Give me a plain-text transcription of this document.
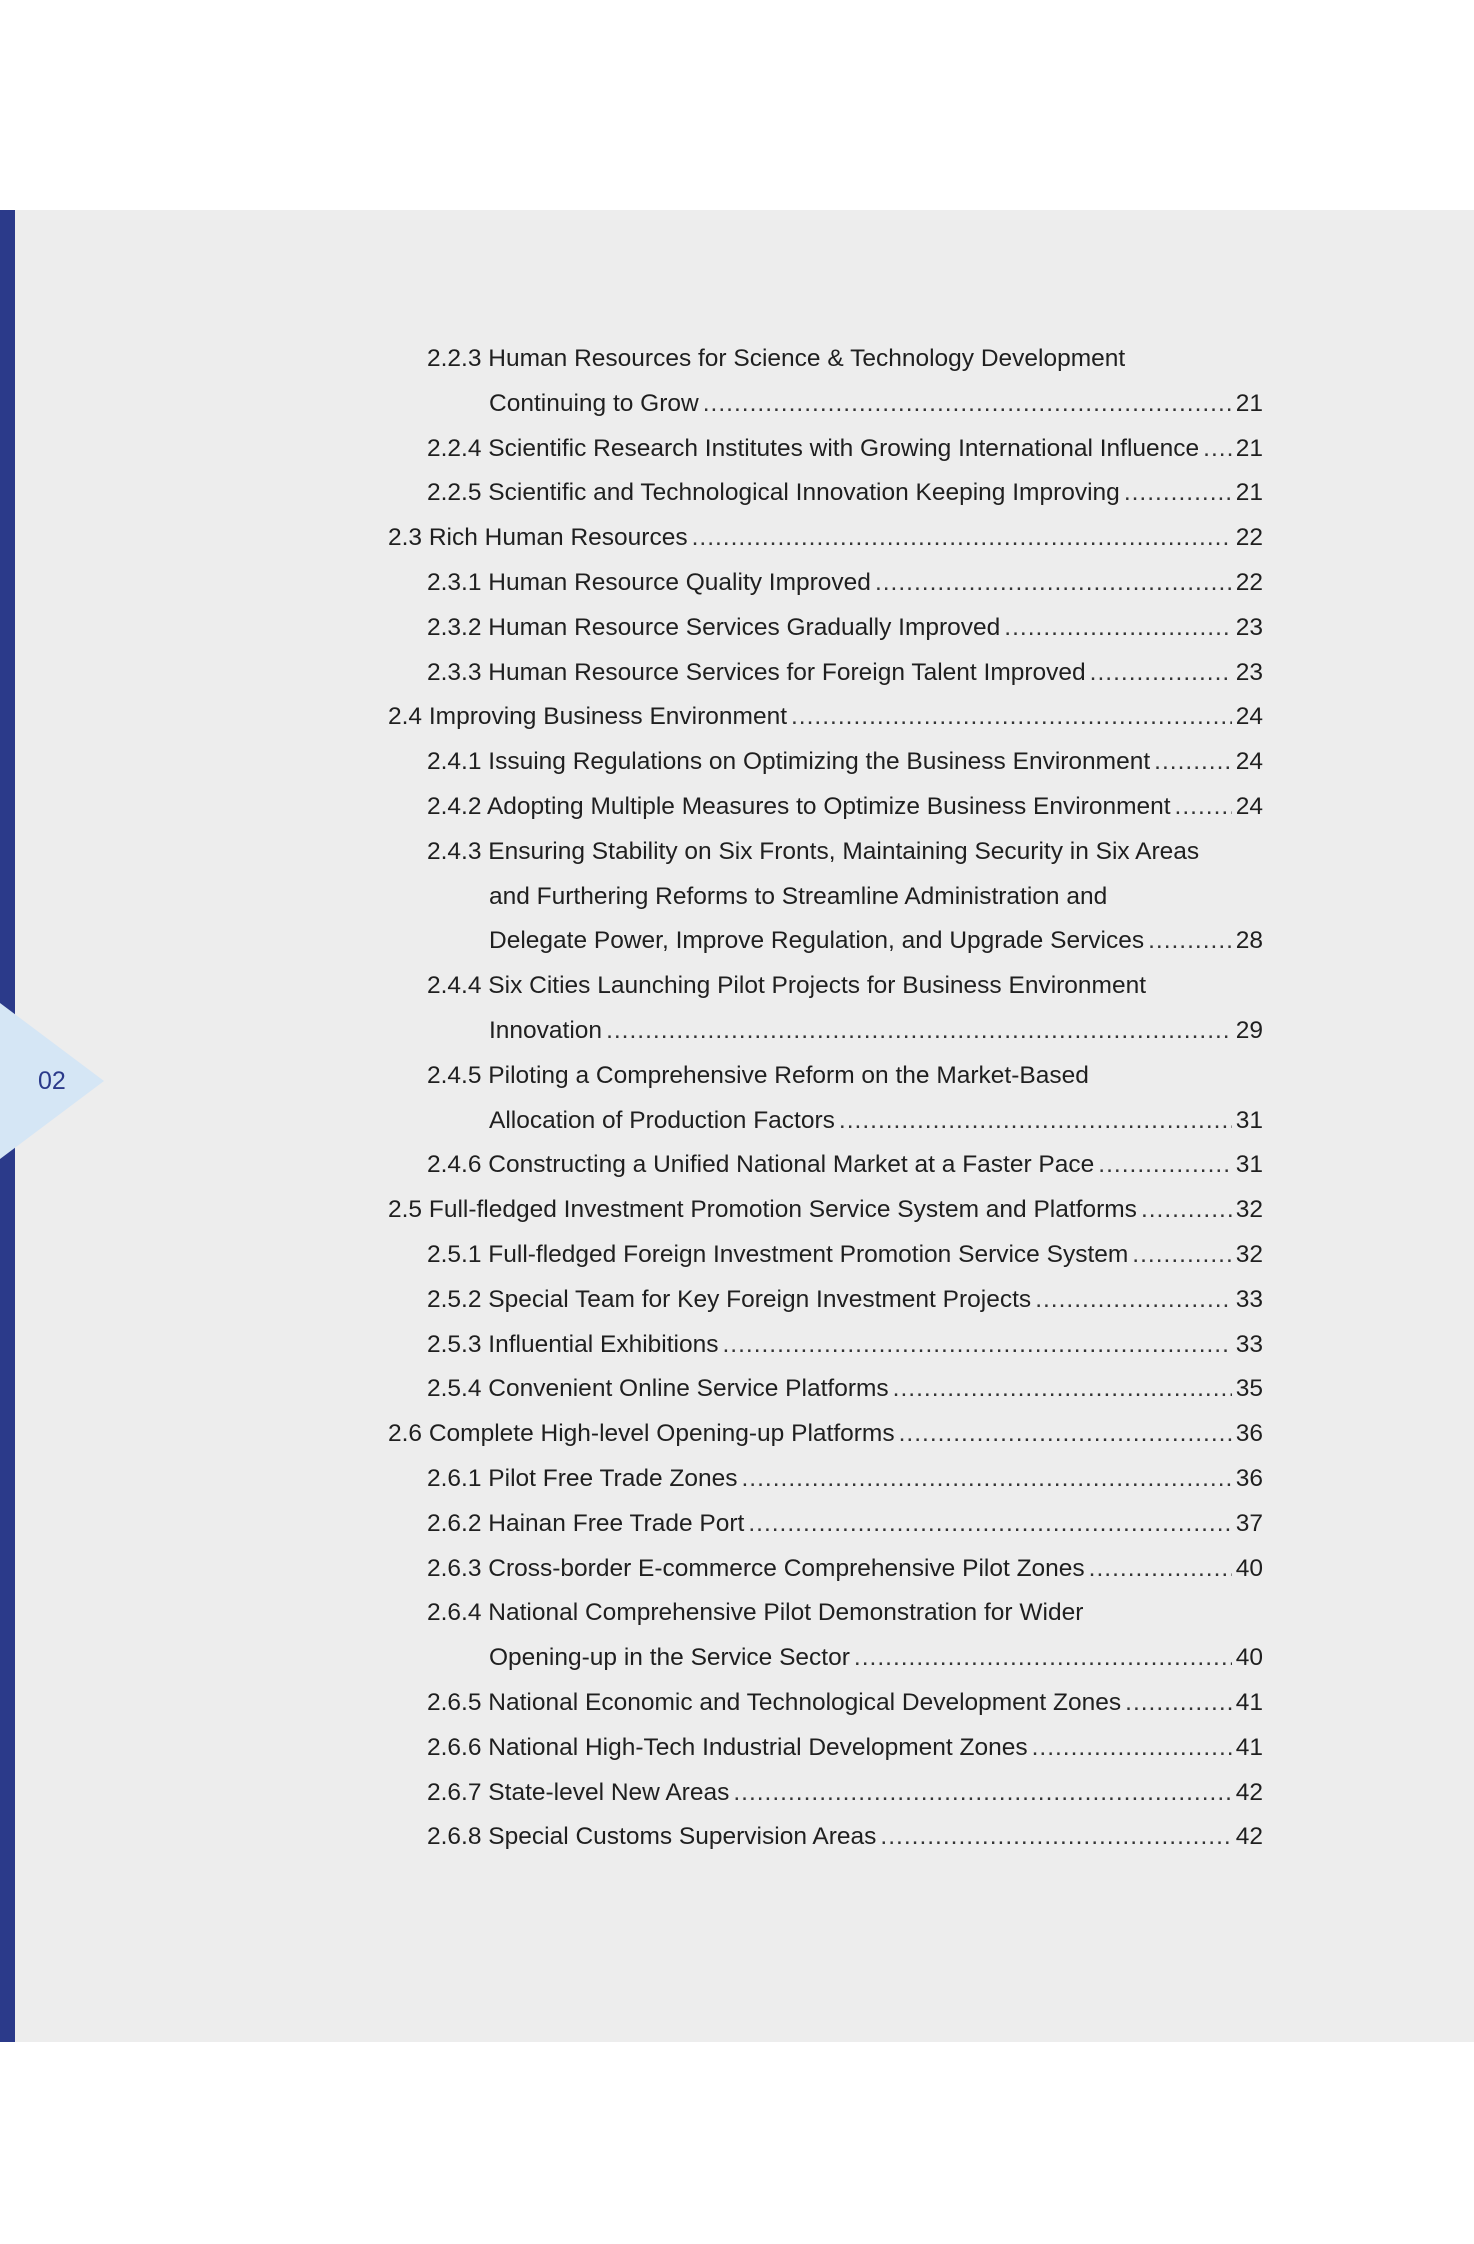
02
2.2.3 Human Resources for Science & Technology Development
Continuing to Grow .....	21
2.2.4 Scientific Research Institutes with Growing International Influence ..... 21
2.2.5 Scientific and Technological Innovation Keeping Improving .....	21
2.3 Rich Human Resources .....	22
2.3.1 Human Resource Quality Improved .....	22
2.3.2 Human Resource Services Gradually Improved .....	23
2.3.3 Human Resource Services for Foreign Talent Improved .....	23
2.4 Improving Business Environment .....	24
2.4.1 Issuing Regulations on Optimizing the Business Environment .....	24
2.4.2 Adopting Multiple Measures to Optimize Business Environment .....	24
2.4.3 Ensuring Stability on Six Fronts, Maintaining Security in Six Areas
and Furthering Reforms to Streamline Administration and
Delegate Power, Improve Regulation, and Upgrade Services .....	28
2.4.4 Six Cities Launching Pilot Projects for Business Environment
Innovation .....	29
2.4.5 Piloting a Comprehensive Reform on the Market-Based
Allocation of Production Factors .....	31
2.4.6 Constructing a Unified National Market at a Faster Pace .....	31
2.5 Full-fledged Investment Promotion Service System and Platforms .....	32
2.5.1 Full-fledged Foreign Investment Promotion Service System .....	32
2.5.2 Special Team for Key Foreign Investment Projects .....	33
2.5.3 Influential Exhibitions .....	33
2.5.4 Convenient Online Service Platforms .....	35
2.6 Complete High-level Opening-up Platforms .....	36
2.6.1 Pilot Free Trade Zones .....	36
2.6.2 Hainan Free Trade Port .....	37
2.6.3 Cross-border E-commerce Comprehensive Pilot Zones .....	40
2.6.4 National Comprehensive Pilot Demonstration for Wider
Opening-up in the Service Sector .....	40
2.6.5 National Economic and Technological Development Zones .....	41
2.6.6 National High-Tech Industrial Development Zones .....	41
2.6.7 State-level New Areas .....	42
2.6.8 Special Customs Supervision Areas .....	42
